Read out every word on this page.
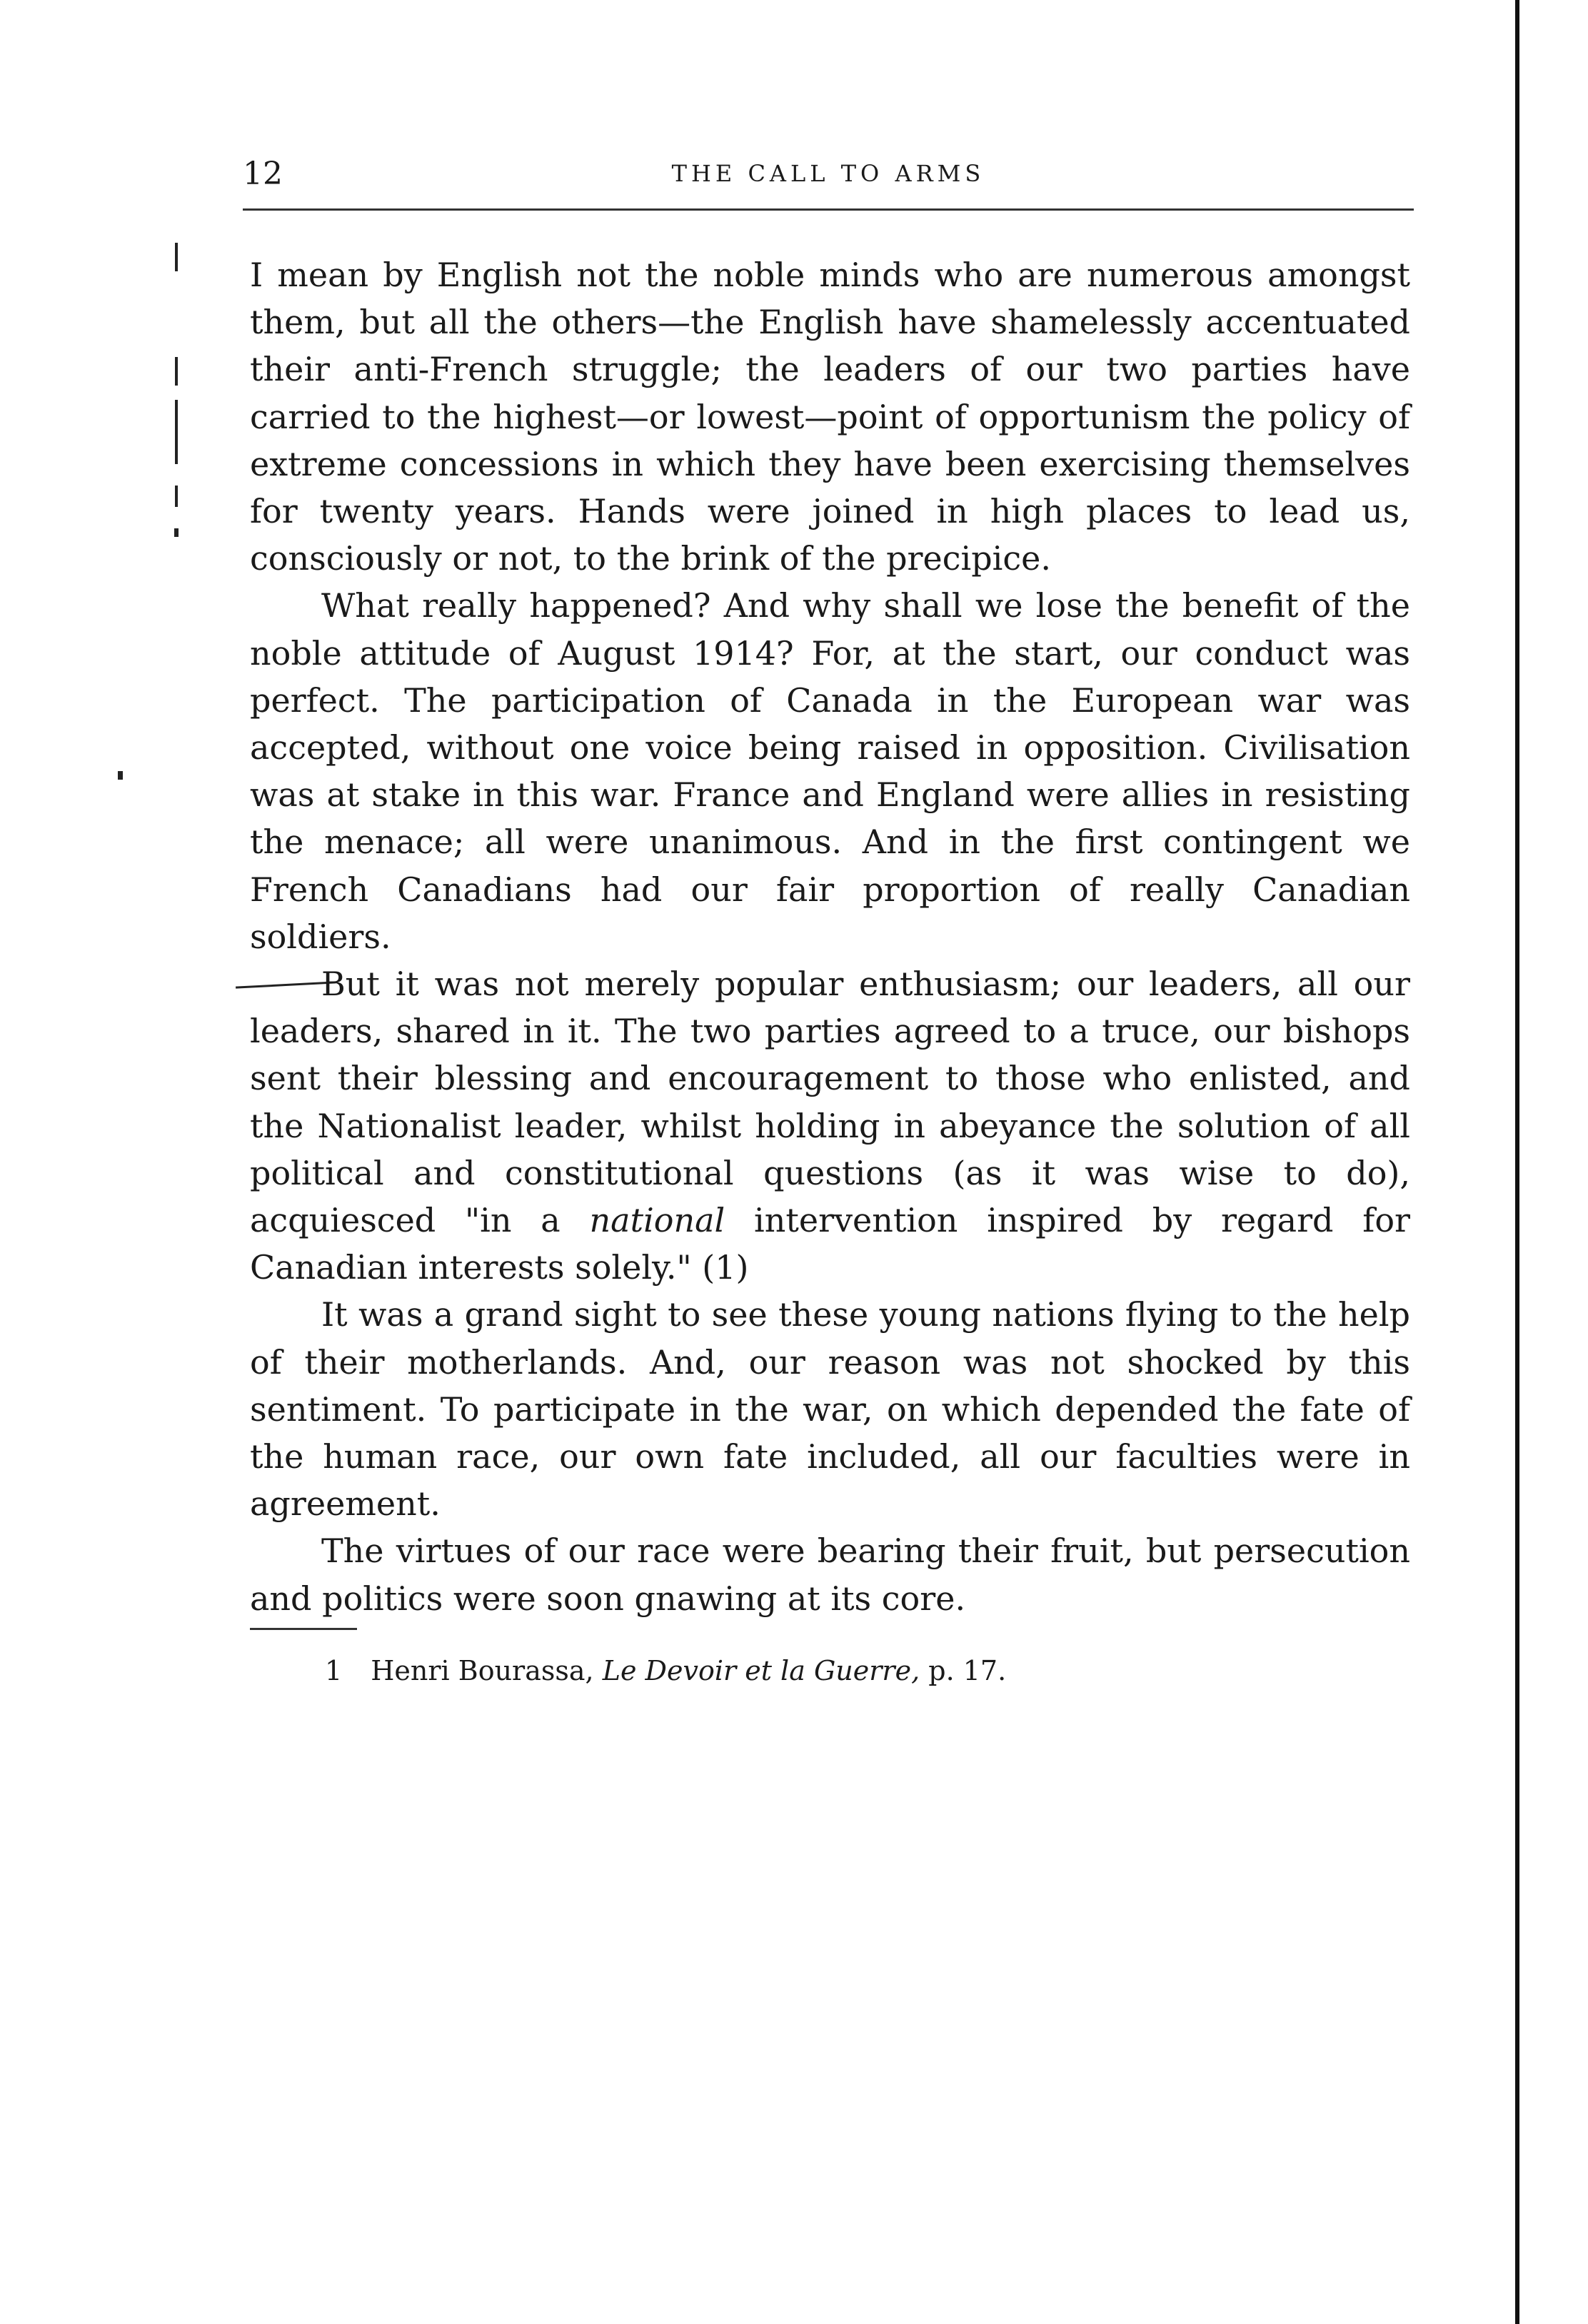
12	THE CALL TO ARMS

I mean by English not the noble minds who are numerous amongst them, but all the others—the English have shamelessly accentuated their anti-French struggle; the leaders of our two parties have carried to the highest—or lowest—point of opportunism the policy of extreme concessions in which they have been exercising themselves for twenty years. Hands were joined in high places to lead us, consciously or not, to the brink of the precipice.

What really happened? And why shall we lose the benefit of the noble attitude of August 1914? For, at the start, our conduct was perfect. The participation of Canada in the European war was accepted, without one voice being raised in opposition. Civilisation was at stake in this war. France and England were allies in resisting the menace; all were unanimous. And in the first contingent we French Canadians had our fair proportion of really Canadian soldiers.

But it was not merely popular enthusiasm; our leaders, all our leaders, shared in it. The two parties agreed to a truce, our bishops sent their blessing and encouragement to those who enlisted, and the Nationalist leader, whilst holding in abeyance the solution of all political and constitutional questions (as it was wise to do), acquiesced "in a national intervention inspired by regard for Canadian interests solely." (1)

It was a grand sight to see these young nations flying to the help of their motherlands. And, our reason was not shocked by this sentiment. To participate in the war, on which depended the fate of the human race, our own fate included, all our faculties were in agreement.

The virtues of our race were bearing their fruit, but persecution and politics were soon gnawing at its core.

1 Henri Bourassa, Le Devoir et la Guerre, p. 17.
